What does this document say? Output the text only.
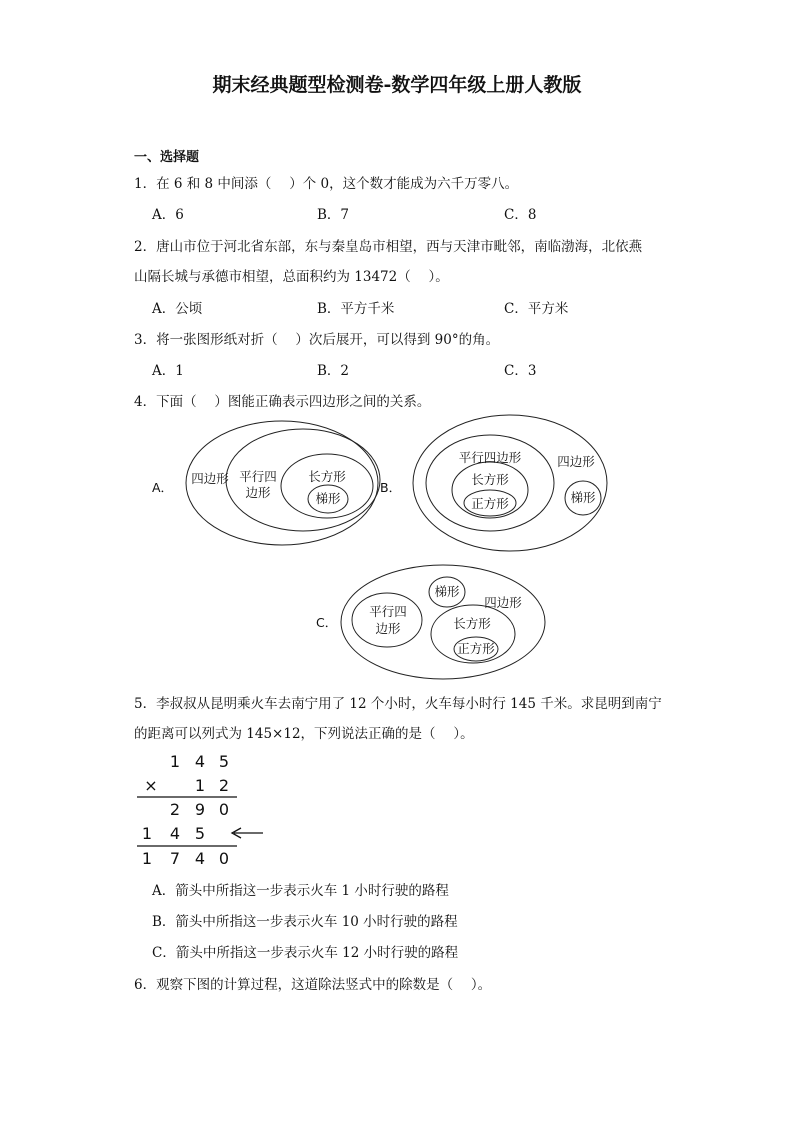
期末经典题型检测卷-数学四年级上册人教版
一、选择题
1．在 6 和 8 中间添（　 ）个 0，这个数才能成为六千万零八。
A．6	B．7	C．8
2．唐山市位于河北省东部，东与秦皇岛市相望，西与天津市毗邻，南临渤海，北依燕
山隔长城与承德市相望，总面积约为 13472（　 ）。
A．公顷	B．平方千米	C．平方米
3．将一张图形纸对折（　 ）次后展开，可以得到 90°的角。
A．1	B．2	C．3
4．下面（　 ）图能正确表示四边形之间的关系。
A．
四边形 平行四
边形
长方形
梯形
B．
平行四边形
长方形
正方形
四边形
梯形
C．
梯形
四边形
平行四
边形	长方形
正方形
5．李叔叔从昆明乘火车去南宁用了 12 个小时，火车每小时行 145 千米。求昆明到南宁
的距离可以列式为 145×12，下列说法正确的是（　 ）。
1 4 5
× 1 2
2 9 0
1 4 5
1 7 4 0
A．箭头中所指这一步表示火车 1 小时行驶的路程
B．箭头中所指这一步表示火车 10 小时行驶的路程
C．箭头中所指这一步表示火车 12 小时行驶的路程
6．观察下图的计算过程，这道除法竖式中的除数是（　 ）。
